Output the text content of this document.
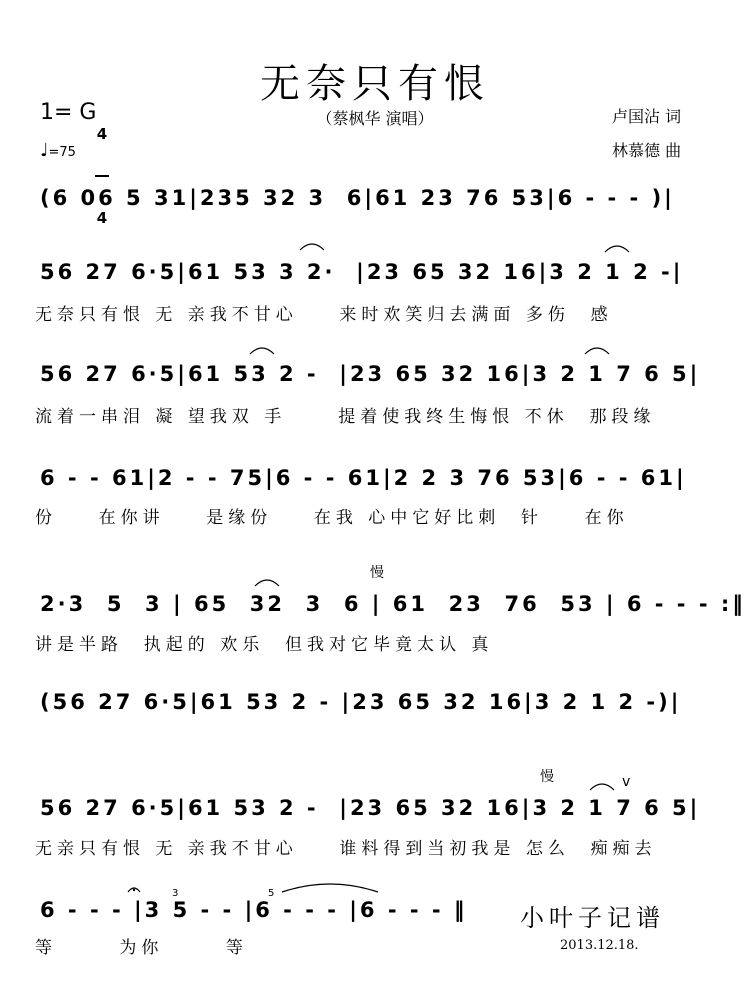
无奈只有恨
（蔡枫华 演唱）
1= G

4

4

♩=75
卢国沾 词
林慕德 曲
(6 06 5 31|235 32 3  6|61 23 76 53|6 - - - )|
56 27 6·5|61 53 3 2·  |23 65 32 16|3 2 1 2 -|
无奈只有恨 无 亲我不甘心    来时欢笑归去满面 多伤  感
56 27 6·5|61 53 2 -  |23 65 32 16|3 2 1 7 6 5|
流着一串泪 凝 望我双 手     提着使我终生悔恨 不休  那段缘
6 - - 61|2 - - 75|6 - - 61|2 2 3 76 53|6 - - 61|
份    在你讲    是缘份    在我 心中它好比刺  针    在你
慢
2·3  5  3 | 65  32  3  6 | 61  23  76  53 | 6 - - - :‖
讲是半路  执起的 欢乐  但我对它毕竟太认 真
(56 27 6·5|61 53 2 - |23 65 32 16|3 2 1 2 -)|
慢	v
56 27 6·5|61 53 2 -  |23 65 32 16|3 2 1 7 6 5|
无亲只有恨 无 亲我不甘心    谁料得到当初我是 怎么  痴痴去
3	5
6 - - - |3 5 - - |6 - - - |6 - - - ‖
等      为你      等
小叶子记谱
2013.12.18.
